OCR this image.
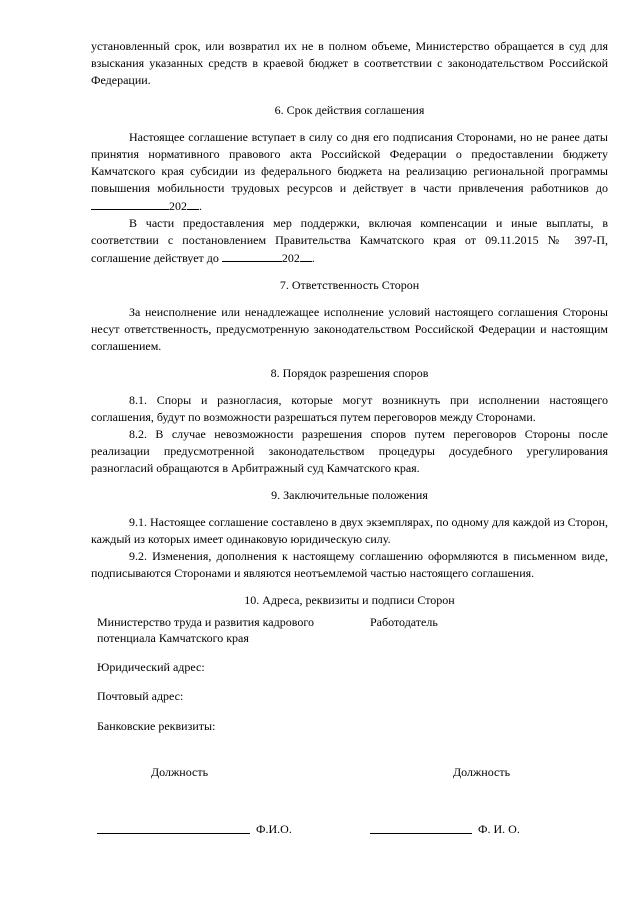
установленный срок, или возвратил их не в полном объеме, Министерство обращается в суд для взыскания указанных средств в краевой бюджет в соответствии с законодательством Российской Федерации.

6. Срок действия соглашения

Настоящее соглашение вступает в силу со дня его подписания Сторонами, но не ранее даты принятия нормативного правового акта Российской Федерации о предоставлении бюджету Камчатского края субсидии из федерального бюджета на реализацию региональной программы повышения мобильности трудовых ресурсов и действует в части привлечения работников до 202 .

В части предоставления мер поддержки, включая компенсации и иные выплаты, в соответствии с постановлением Правительства Камчатского края от 09.11.2015 № 397-П, соглашение действует до	202 .

7. Ответственность Сторон

За неисполнение или ненадлежащее исполнение условий настоящего соглашения Стороны несут ответственность, предусмотренную законодательством Российской Федерации и настоящим соглашением.

8. Порядок разрешения споров

8.1. Споры и разногласия, которые могут возникнуть при исполнении настоящего соглашения, будут по возможности разрешаться путем переговоров между Сторонами.

8.2. В случае невозможности разрешения споров путем переговоров Стороны после реализации предусмотренной законодательством процедуры досудебного урегулирования разногласий обращаются в Арбитражный суд Камчатского края.

9. Заключительные положения

9.1. Настоящее соглашение составлено в двух экземплярах, по одному для каждой из Сторон, каждый из которых имеет одинаковую юридическую силу.

9.2. Изменения, дополнения к настоящему соглашению оформляются в письменном виде, подписываются Сторонами и являются неотъемлемой частью настоящего соглашения.

10. Адреса, реквизиты и подписи Сторон
Министерство труда и развития кадрового
потенциала Камчатского края
Работодатель
Юридический адрес:
Почтовый адрес:
Банковские реквизиты:
Должность	Должность
Ф.И.О.	Ф. И. О.
